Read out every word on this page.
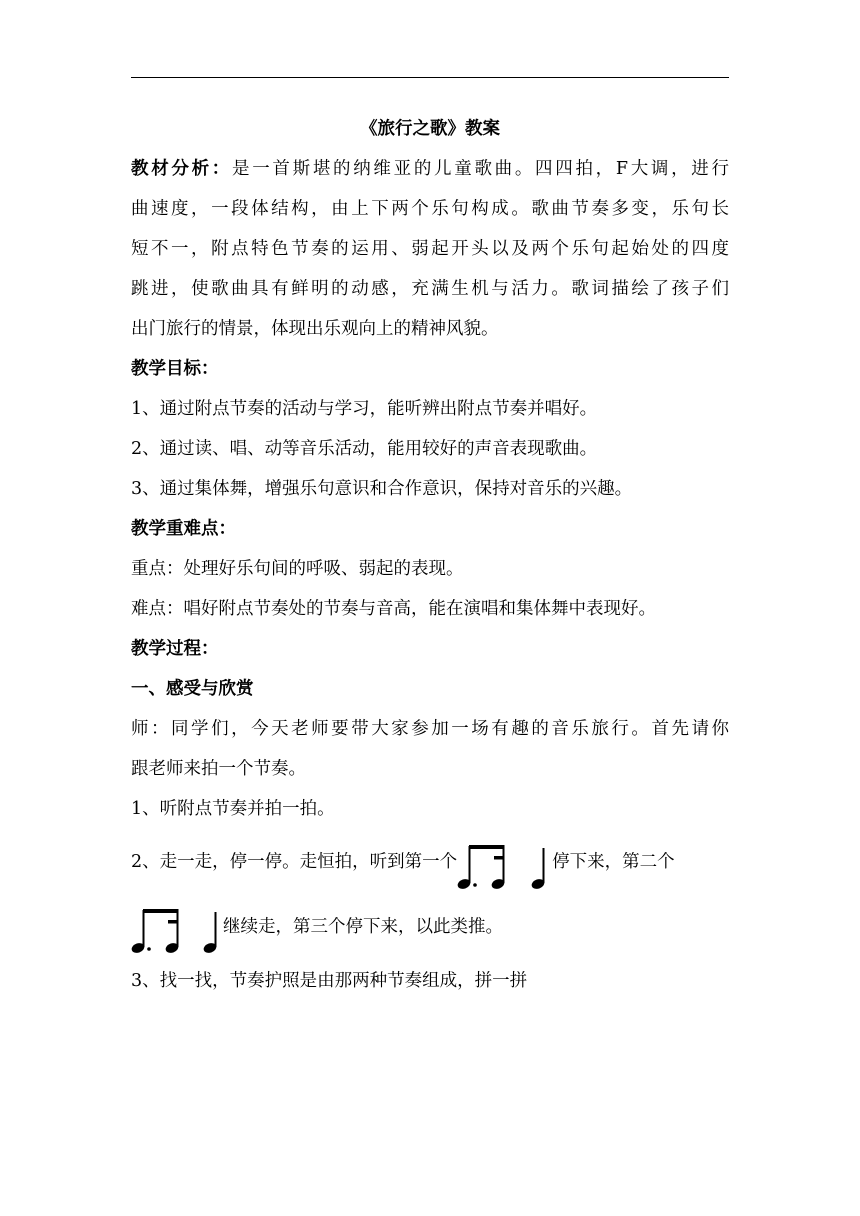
《旅行之歌》教案
教材分析：是一首斯堪的纳维亚的儿童歌曲。四四拍，F大调，进行
曲速度，一段体结构，由上下两个乐句构成。歌曲节奏多变，乐句长
短不一，附点特色节奏的运用、弱起开头以及两个乐句起始处的四度
跳进，使歌曲具有鲜明的动感，充满生机与活力。歌词描绘了孩子们
出门旅行的情景，体现出乐观向上的精神风貌。
教学目标：
1、通过附点节奏的活动与学习，能听辨出附点节奏并唱好。
2、通过读、唱、动等音乐活动，能用较好的声音表现歌曲。
3、通过集体舞，增强乐句意识和合作意识，保持对音乐的兴趣。
教学重难点：
重点：处理好乐句间的呼吸、弱起的表现。
难点：唱好附点节奏处的节奏与音高，能在演唱和集体舞中表现好。
教学过程：
一、感受与欣赏
师：同学们，今天老师要带大家参加一场有趣的音乐旅行。首先请你
跟老师来拍一个节奏。
1、听附点节奏并拍一拍。
2、走一走，停一停。走恒拍，听到第一个	停下来，第二个
继续走，第三个停下来，以此类推。
3、找一找，节奏护照是由那两种节奏组成，拼一拼
